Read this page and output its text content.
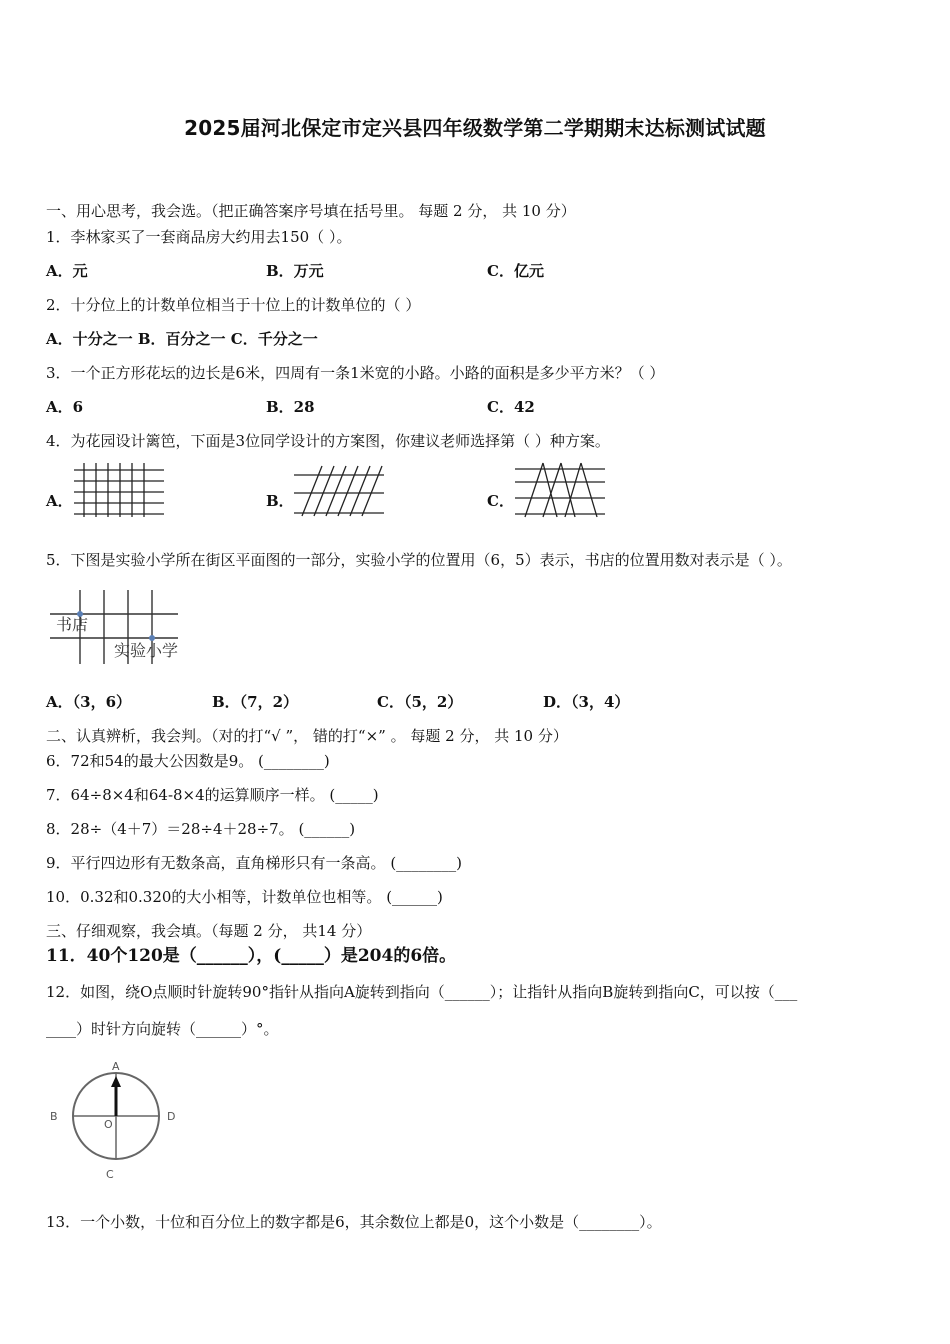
2025届河北保定市定兴县四年级数学第二学期期末达标测试试题
一、用心思考，我会选。（把正确答案序号填在括号里。 每题 2 分， 共 10 分）
1．李林家买了一套商品房大约用去150（ ）。
A．元	B．万元	C．亿元
2．十分位上的计数单位相当于十位上的计数单位的（ ）
A．十分之一 B．百分之一 C．千分之一
3．一个正方形花坛的边长是6米，四周有一条1米宽的小路。小路的面积是多少平方米？（ ）
A．6	B．28	C．42
4．为花园设计篱笆，下面是3位同学设计的方案图，你建议老师选择第（ ）种方案。
A．	B．	C．
5．下图是实验小学所在街区平面图的一部分，实验小学的位置用（6，5）表示，书店的位置用数对表示是（ ）。
书店
实验小学
A．（3，6）	B．（7，2）	C．（5，2）	D．（3，4）
二、认真辨析，我会判。（对的打“√ ”， 错的打“×” 。 每题 2 分， 共 10 分）
6．72和54的最大公因数是9。 (________)
7．64÷8×4和64-8×4的运算顺序一样。 (_____)
8．28÷（4＋7）＝28÷4＋28÷7。 (______)
9．平行四边形有无数条高，直角梯形只有一条高。 (________)
10．0.32和0.320的大小相等，计数单位也相等。 (______)
三、仔细观察，我会填。（每题 2 分， 共14 分）
11．40个120是（______），(_____）是204的6倍。
12．如图，绕O点顺时针旋转90°指针从指向A旋转到指向（______）；让指针从指向B旋转到指向C，可以按（___
____）时针方向旋转（______）°。
A
B	D
C
O
13．一个小数，十位和百分位上的数字都是6，其余数位上都是0，这个小数是（________）。
